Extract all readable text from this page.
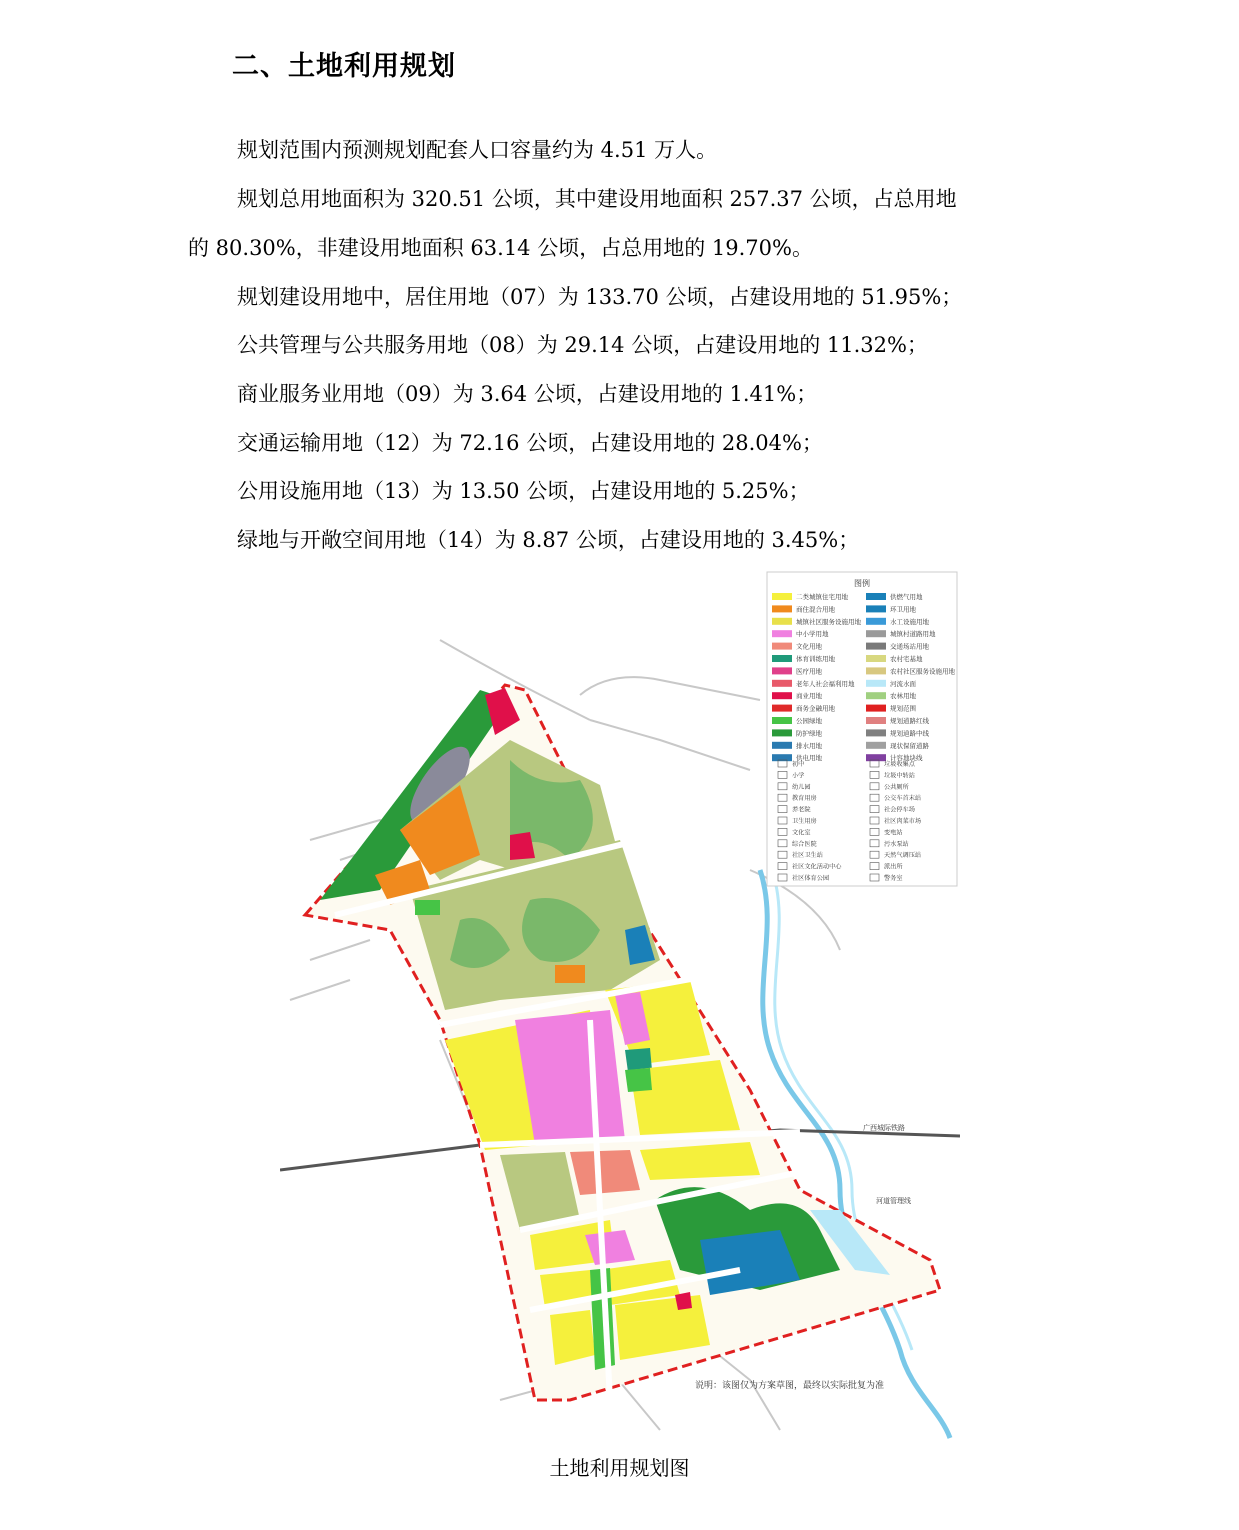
二、土地利用规划
规划范围内预测规划配套人口容量约为 4.51 万人。
规划总用地面积为 320.51 公顷，其中建设用地面积 257.37 公顷，占总用地
的 80.30%，非建设用地面积 63.14 公顷，占总用地的 19.70%。
规划建设用地中，居住用地（07）为 133.70 公顷，占建设用地的 51.95%；
公共管理与公共服务用地（08）为 29.14 公顷，占建设用地的 11.32%；
商业服务业用地（09）为 3.64 公顷，占建设用地的 1.41%；
交通运输用地（12）为 72.16 公顷，占建设用地的 28.04%；
公用设施用地（13）为 13.50 公顷，占建设用地的 5.25%；
绿地与开敞空间用地（14）为 8.87 公顷，占建设用地的 3.45%；
图例
二类城镇住宅用地
商住混合用地
城镇社区服务设施用地
中小学用地
文化用地
体育训练用地
医疗用地
老年人社会福利用地
商业用地
商务金融用地
公园绿地
防护绿地
排水用地
供电用地
供燃气用地
环卫用地
水工设施用地
城镇村道路用地
交通场站用地
农村宅基地
农村社区服务设施用地
河流水面
农林用地
规划范围
规划道路红线
规划道路中线
现状保留道路
计容地块线
初中
小学
幼儿园
教育用房
养老院
卫生用房
文化室
综合医院
社区卫生站
社区文化活动中心
社区体育公园
垃圾收集点
垃圾中转站
公共厕所
公交车首末站
社会停车场
社区肉菜市场
变电站
污水泵站
天然气调压站
派出所
警务室
广西城际铁路
河道管理线
说明：该图仅为方案草图，最终以实际批复为准
土地利用规划图
